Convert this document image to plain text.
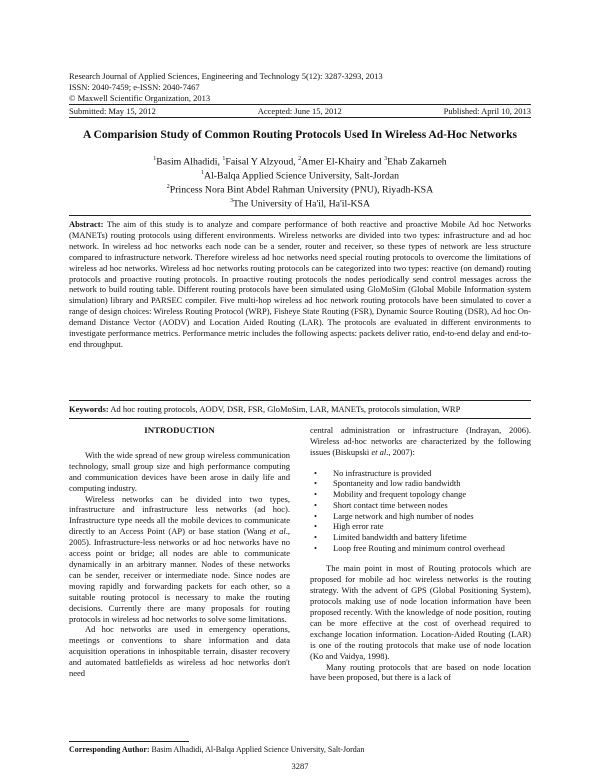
Research Journal of Applied Sciences, Engineering and Technology 5(12): 3287-3293, 2013
ISSN: 2040-7459; e-ISSN: 2040-7467
© Maxwell Scientific Organization, 2013
Submitted: May 15, 2012	Accepted: June 15, 2012	Published: April 10, 2013
A Comparision Study of Common Routing Protocols Used In Wireless Ad-Hoc Networks
$^1$Basim Alhadidi, $^1$Faisal Y Alzyoud, $^2$Amer El-Khairy and $^3$Ehab Zakarneh
$^1$Al-Balqa Applied Science University, Salt-Jordan
$^2$Princess Nora Bint Abdel Rahman University (PNU), Riyadh-KSA
$^3$The University of Ha'il, Ha'il-KSA
Abstract: The aim of this study is to analyze and compare performance of both reactive and proactive Mobile Ad hoc Networks (MANETs) routing protocols using different environments. Wireless networks are divided into two types: infrastructure and ad hoc network. In wireless ad hoc networks each node can be a sender, router and receiver, so these types of network are less structure compared to infrastructure network. Therefore wireless ad hoc networks need special routing protocols to overcome the limitations of wireless ad hoc networks. Wireless ad hoc networks routing protocols can be categorized into two types: reactive (on demand) routing protocols and proactive routing protocols. In proactive routing protocols the nodes periodically send control messages across the network to build routing table. Different routing protocols have been simulated using GloMoSim (Global Mobile Information system simulation) library and PARSEC compiler. Five multi-hop wireless ad hoc network routing protocols have been simulated to cover a range of design choices: Wireless Routing Protocol (WRP), Fisheye State Routing (FSR), Dynamic Source Routing (DSR), Ad hoc On-demand Distance Vector (AODV) and Location Aided Routing (LAR). The protocols are evaluated in different environments to investigate performance metrics. Performance metric includes the following aspects: packets deliver ratio, end-to-end delay and end-to-end throughput.
Keywords: Ad hoc routing protocols, AODV, DSR, FSR, GloMoSim, LAR, MANETs, protocols simulation, WRP
INTRODUCTION

With the wide spread of new group wireless communication technology, small group size and high performance computing and communication devices have been arose in daily life and computing industry.

Wireless networks can be divided into two types, infrastructure and infrastructure less networks (ad hoc). Infrastructure type needs all the mobile devices to communicate directly to an Access Point (AP) or base station (Wang et al., 2005). Infrastructure-less networks or ad hoc networks have no access point or bridge; all nodes are able to communicate dynamically in an arbitrary manner. Nodes of these networks can be sender, receiver or intermediate node. Since nodes are moving rapidly and forwarding packets for each other, so a suitable routing protocol is necessary to make the routing decisions. Currently there are many proposals for routing protocols in wireless ad hoc networks to solve some limitations.

Ad hoc networks are used in emergency operations, meetings or conventions to share information and data acquisition operations in inhospitable terrain, disaster recovery and automated battlefields as wireless ad hoc networks don't need

central administration or infrastructure (Indrayan, 2006). Wireless ad-hoc networks are characterized by the following issues (Biskupski et al., 2007):

• No infrastructure is provided
• Spontaneity and low radio bandwidth
• Mobility and frequent topology change
• Short contact time between nodes
• Large network and high number of nodes
• High error rate
• Limited bandwidth and battery lifetime
• Loop free Routing and minimum control overhead

The main point in most of Routing protocols which are proposed for mobile ad hoc wireless networks is the routing strategy. With the advent of GPS (Global Positioning System), protocols making use of node location information have been proposed recently. With the knowledge of node position, routing can be more effective at the cost of overhead required to exchange location information. Location-Aided Routing (LAR) is one of the routing protocols that make use of node location (Ko and Vaidya, 1998).

Many routing protocols that are based on node location have been proposed, but there is a lack of

Corresponding Author: Basim Alhadidi, Al-Balqa Applied Science University, Salt-Jordan
3287
